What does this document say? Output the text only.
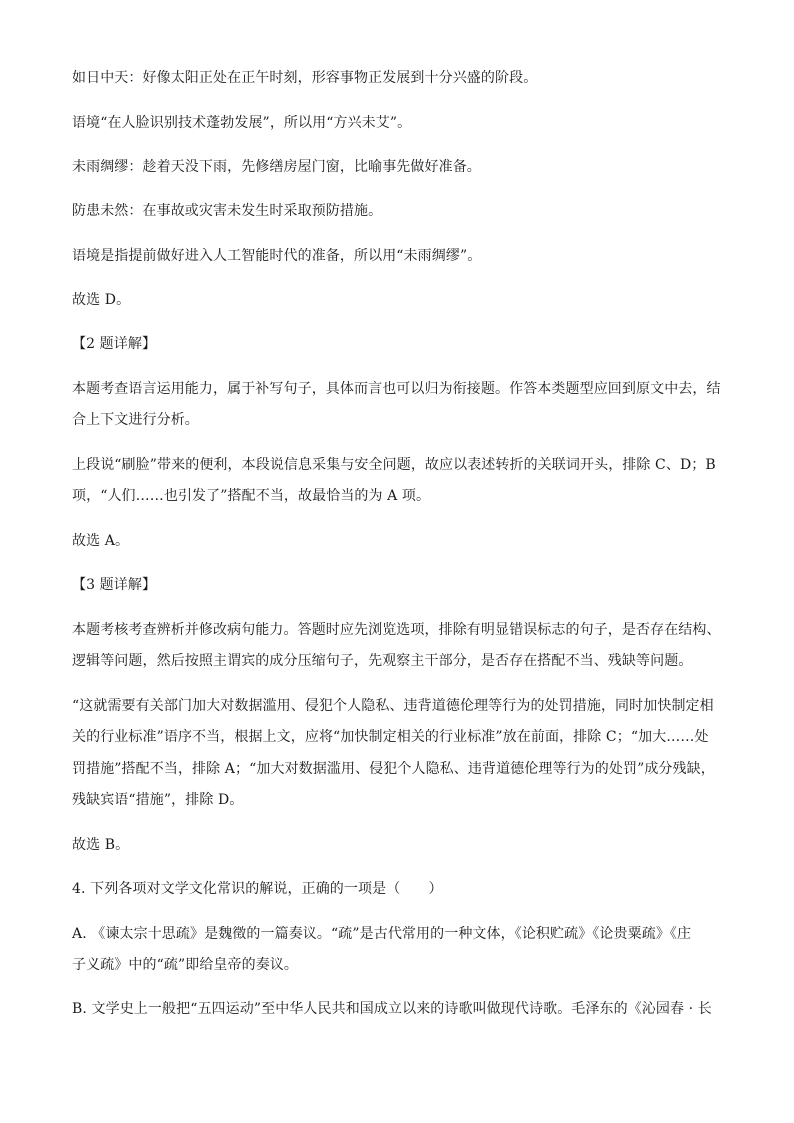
如日中天：好像太阳正处在正午时刻，形容事物正发展到十分兴盛的阶段。
语境“在人脸识别技术蓬勃发展”，所以用“方兴未艾”。
未雨绸缪：趁着天没下雨，先修缮房屋门窗，比喻事先做好准备。
防患未然：在事故或灾害未发生时采取预防措施。
语境是指提前做好进入人工智能时代的准备，所以用“未雨绸缪”。
故选 D。
【2 题详解】
本题考查语言运用能力，属于补写句子，具体而言也可以归为衔接题。作答本类题型应回到原文中去，结
合上下文进行分析。
上段说“刷脸”带来的便利，本段说信息采集与安全问题，故应以表述转折的关联词开头，排除 C、D；B
项，“人们……也引发了”搭配不当，故最恰当的为 A 项。
故选 A。
【3 题详解】
本题考核考查辨析并修改病句能力。答题时应先浏览选项，排除有明显错误标志的句子，是否存在结构、
逻辑等问题，然后按照主谓宾的成分压缩句子，先观察主干部分，是否存在搭配不当、残缺等问题。
“这就需要有关部门加大对数据滥用、侵犯个人隐私、违背道德伦理等行为的处罚措施，同时加快制定相
关的行业标准”语序不当，根据上文，应将“加快制定相关的行业标准”放在前面，排除 C；“加大……处
罚措施”搭配不当，排除 A；“加大对数据滥用、侵犯个人隐私、违背道德伦理等行为的处罚”成分残缺，
残缺宾语“措施”，排除 D。
故选 B。
4. 下列各项对文学文化常识的解说，正确的一项是（　　）
A. 《谏太宗十思疏》是魏徵的一篇奏议。“疏”是古代常用的一种文体，《论积贮疏》《论贵粟疏》《庄
子义疏》中的“疏”即给皇帝的奏议。
B. 文学史上一般把“五四运动”至中华人民共和国成立以来的诗歌叫做现代诗歌。毛泽东的《沁园春 · 长
